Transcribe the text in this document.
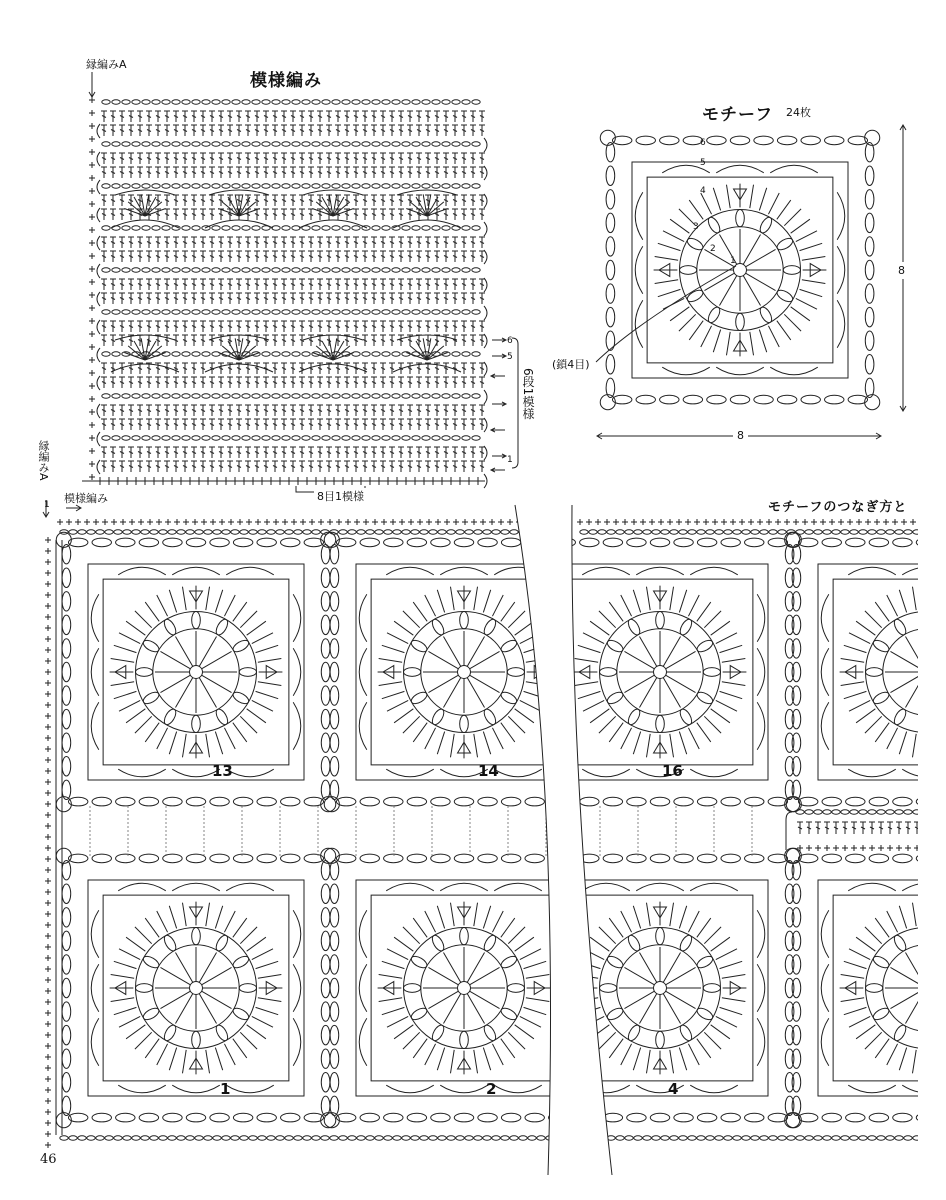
縁編みA
模様編み
6
5
1
6段1模様
8目1模様
モチーフ 24枚
6
5
4
3
2
1
(鎖4目)
8
8
縁編みA
模様編み
1	モチーフのつなぎ方と
13	14	16
1	2	4
46
